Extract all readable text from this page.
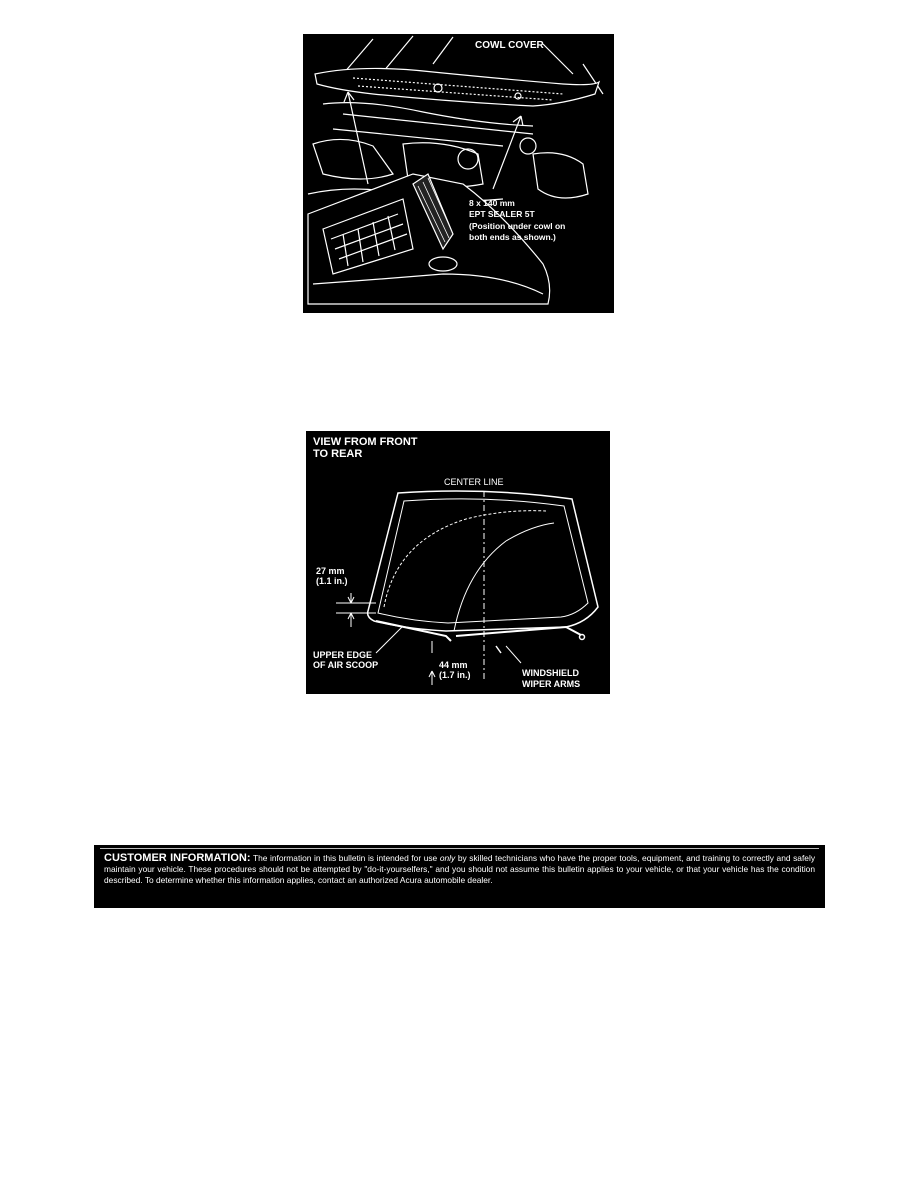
COWL COVER
8 x 140 mm
EPT SEALER 5T
(Position under cowl on
both ends as shown.)
VIEW FROM FRONT
TO REAR
CENTER LINE
27 mm
(1.1 in.)
UPPER EDGE
OF AIR SCOOP	44 mm
(1.7 in.)	WINDSHIELD
WIPER ARMS

CUSTOMER INFORMATION: The information in this bulletin is intended for use only by skilled technicians who have the proper tools, equipment, and training to correctly and safely maintain your vehicle. These procedures should not be attempted by "do-it-yourselfers," and you should not assume this bulletin applies to your vehicle, or that your vehicle has the condition described. To determine whether this information applies, contact an authorized Acura automobile dealer.
